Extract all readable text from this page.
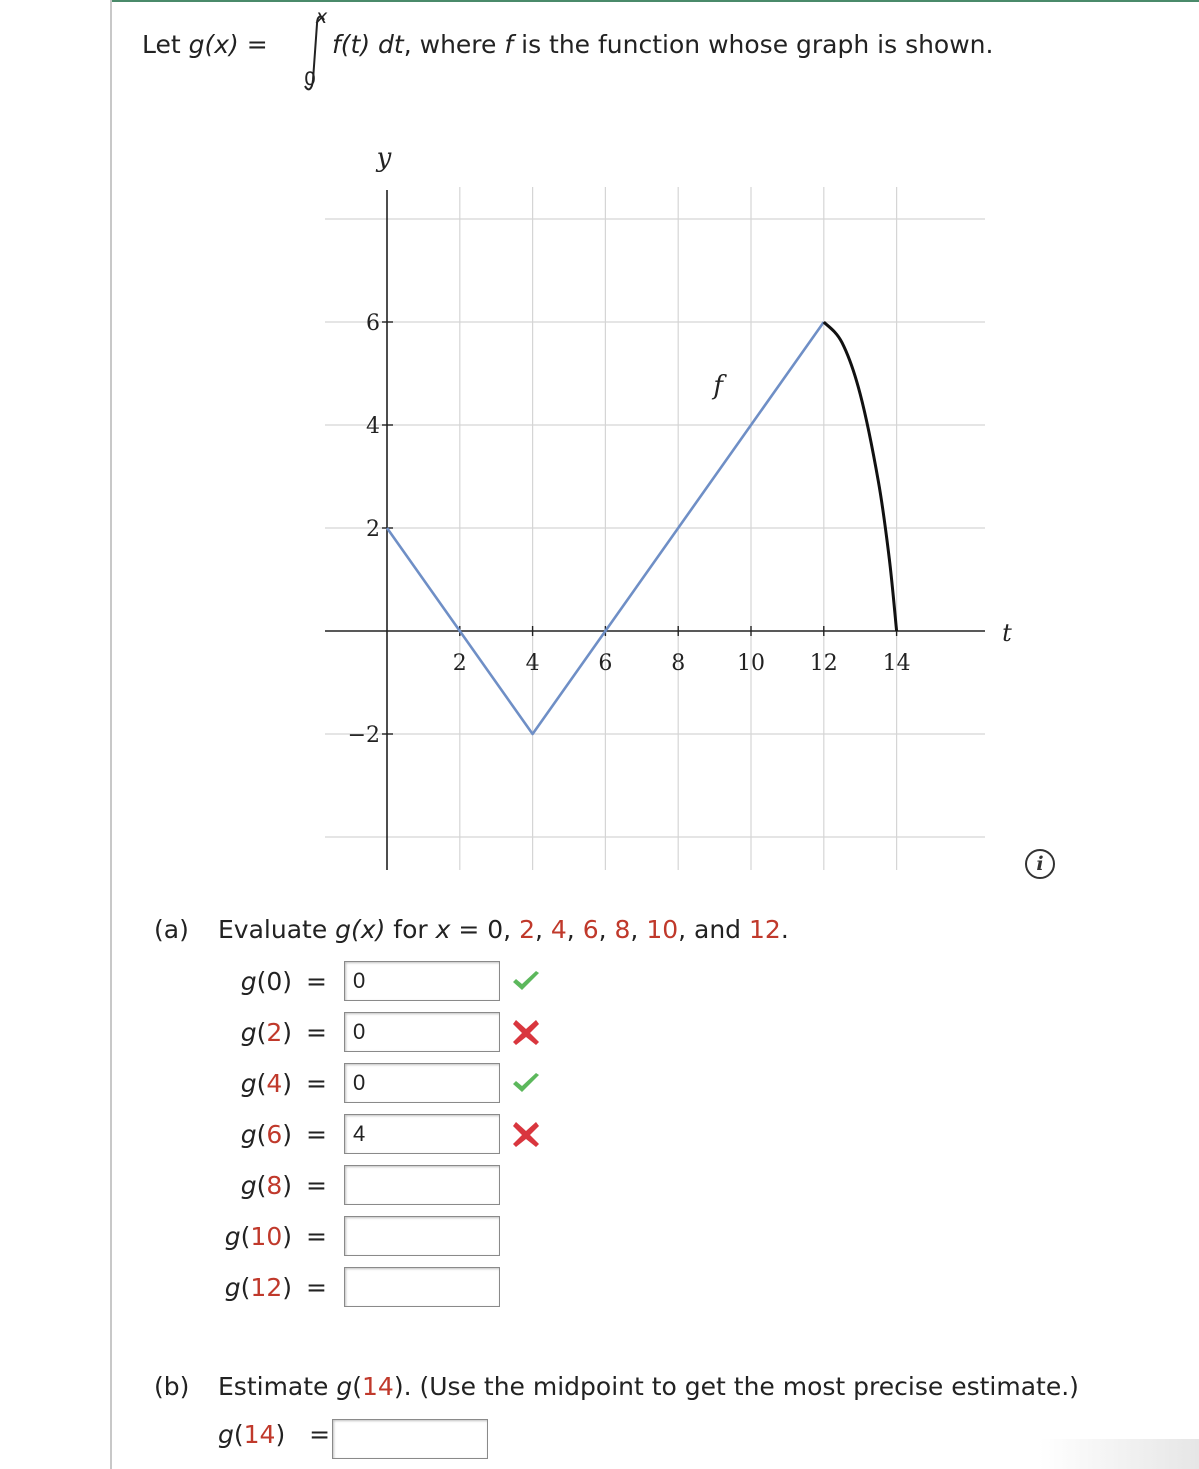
Let g(x) =
x
0
f(t) dt, where f is the function whose graph is shown.
−2
2
4
6
2	4	6	8 10 12 14
y
t
f
i
(a) Evaluate g(x) for x = 0, 2, 4, 6, 8, 10, and 12.
g(0) =
0
g(2) =
0
g(4) =
0
g(6) =
4
g(8) =
g(10) =
g(12) =
(b) Estimate g(14). (Use the midpoint to get the most precise estimate.)
g(14) =
